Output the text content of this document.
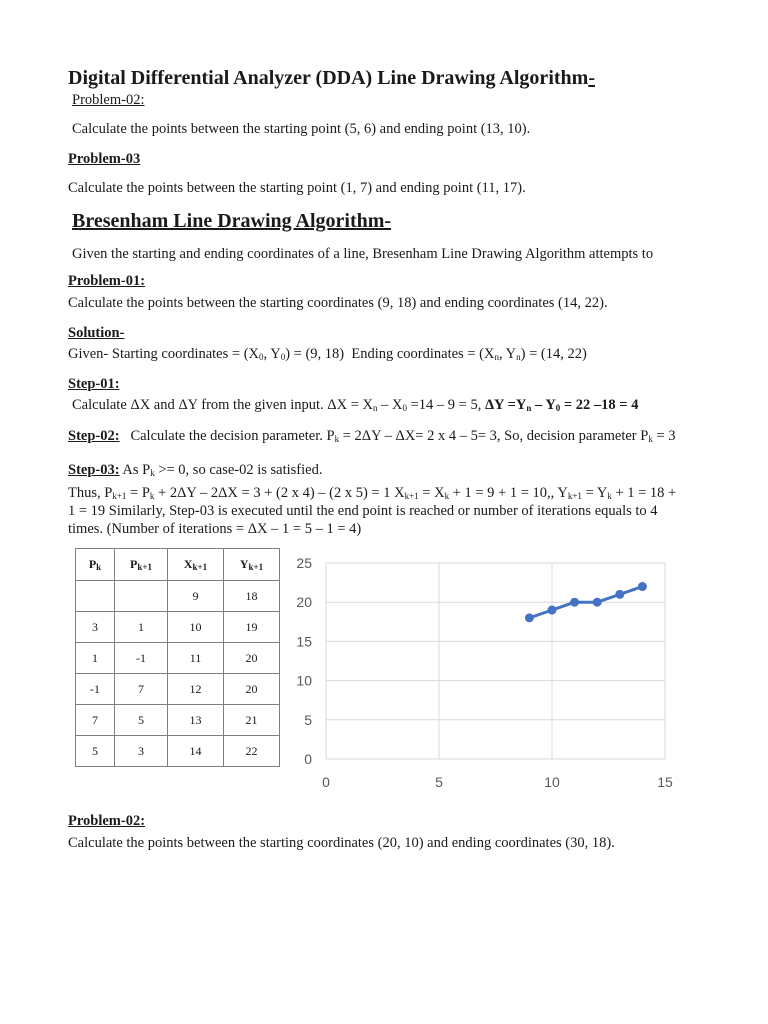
Digital Differential Analyzer (DDA) Line Drawing Algorithm-
Problem-02:
Calculate the points between the starting point (5, 6) and ending point (13, 10).
Problem-03
Calculate the points between the starting point (1, 7) and ending point (11, 17).
Bresenham Line Drawing Algorithm-
Given the starting and ending coordinates of a line, Bresenham Line Drawing Algorithm attempts to
Problem-01:
Calculate the points between the starting coordinates (9, 18) and ending coordinates (14, 22).
Solution-
Given- Starting coordinates = ($X_0$, $Y_0) = (9$, 18)  Ending coordinates = ($X_n$, $Y_n) = (14$, 22)
Step-01:
Calculate ΔX and ΔY from the given input. $\Delta X = X_n - X_0 =14 - 9 = 5$, $\Delta Y =Y_n - Y_0 = 22$ –18 = 4
Step-02:   Calculate the decision parameter. $P_k = 2\Delta Y - \Delta X= 2$ x 4 – 5= 3, So, decision parameter $P_k = 3$
Step-03: As $P_k >= 0$, so case-02 is satisfied.
Thus, $P_{k+1} = P_k + 2\Delta Y - 2\Delta X = 3 + (2$ x 4) – (2 x 5) = 1 $X_{k+1} = X_k + 1 = 9 + 1 = 10$,, $Y_{k+1} = Y_k + 1 = 18 + 1 = 19$ Similarly, Step-03 is executed until the end point is reached or number of iterations equals to 4 times. (Number of iterations = ΔX – 1 = 5 – 1 = 4)
$P_k$	$P_{k+1}$	$X_{k+1}$	$Y_{k+1}$
		9	18
3	1	10	19
1	-1	11	20
-1	7	12	20
7	5	13	21
5	3	14	22
0
5
10
15
20
25
0	5	10	15
Problem-02:
Calculate the points between the starting coordinates (20, 10) and ending coordinates (30, 18).
